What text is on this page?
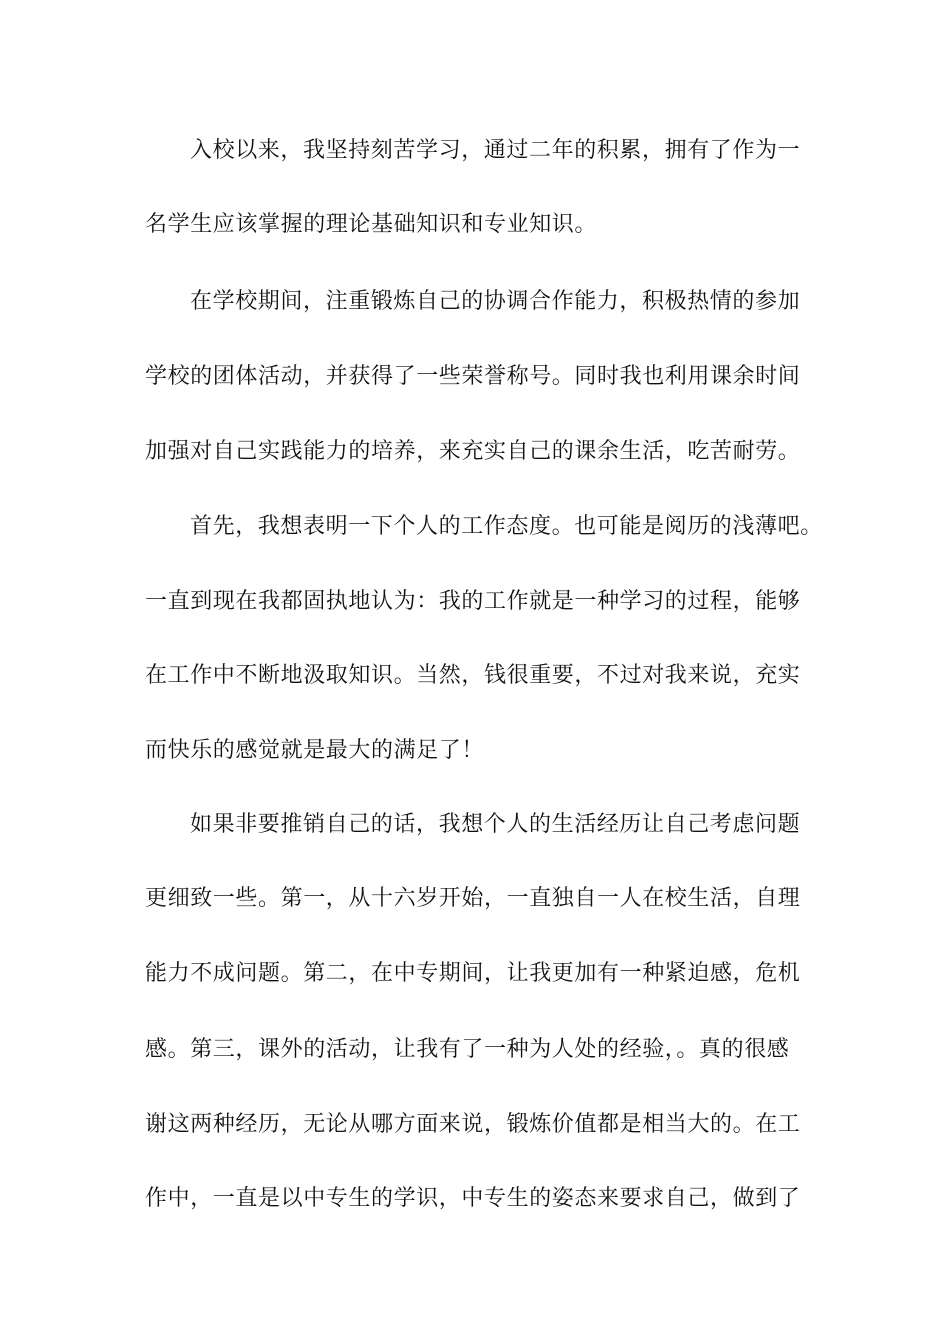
入校以来，我坚持刻苦学习，通过二年的积累，拥有了作为一
名学生应该掌握的理论基础知识和专业知识。
在学校期间，注重锻炼自己的协调合作能力，积极热情的参加
学校的团体活动，并获得了一些荣誉称号。同时我也利用课余时间
加强对自己实践能力的培养，来充实自己的课余生活，吃苦耐劳。
首先，我想表明一下个人的工作态度。也可能是阅历的浅薄吧。
一直到现在我都固执地认为：我的工作就是一种学习的过程，能够
在工作中不断地汲取知识。当然，钱很重要，不过对我来说，充实
而快乐的感觉就是最大的满足了！
如果非要推销自己的话，我想个人的生活经历让自己考虑问题
更细致一些。第一，从十六岁开始，一直独自一人在校生活，自理
能力不成问题。第二，在中专期间，让我更加有一种紧迫感，危机
感。第三，课外的活动，让我有了一种为人处的经验，。真的很感
谢这两种经历，无论从哪方面来说，锻炼价值都是相当大的。在工
作中，一直是以中专生的学识，中专生的姿态来要求自己，做到了
